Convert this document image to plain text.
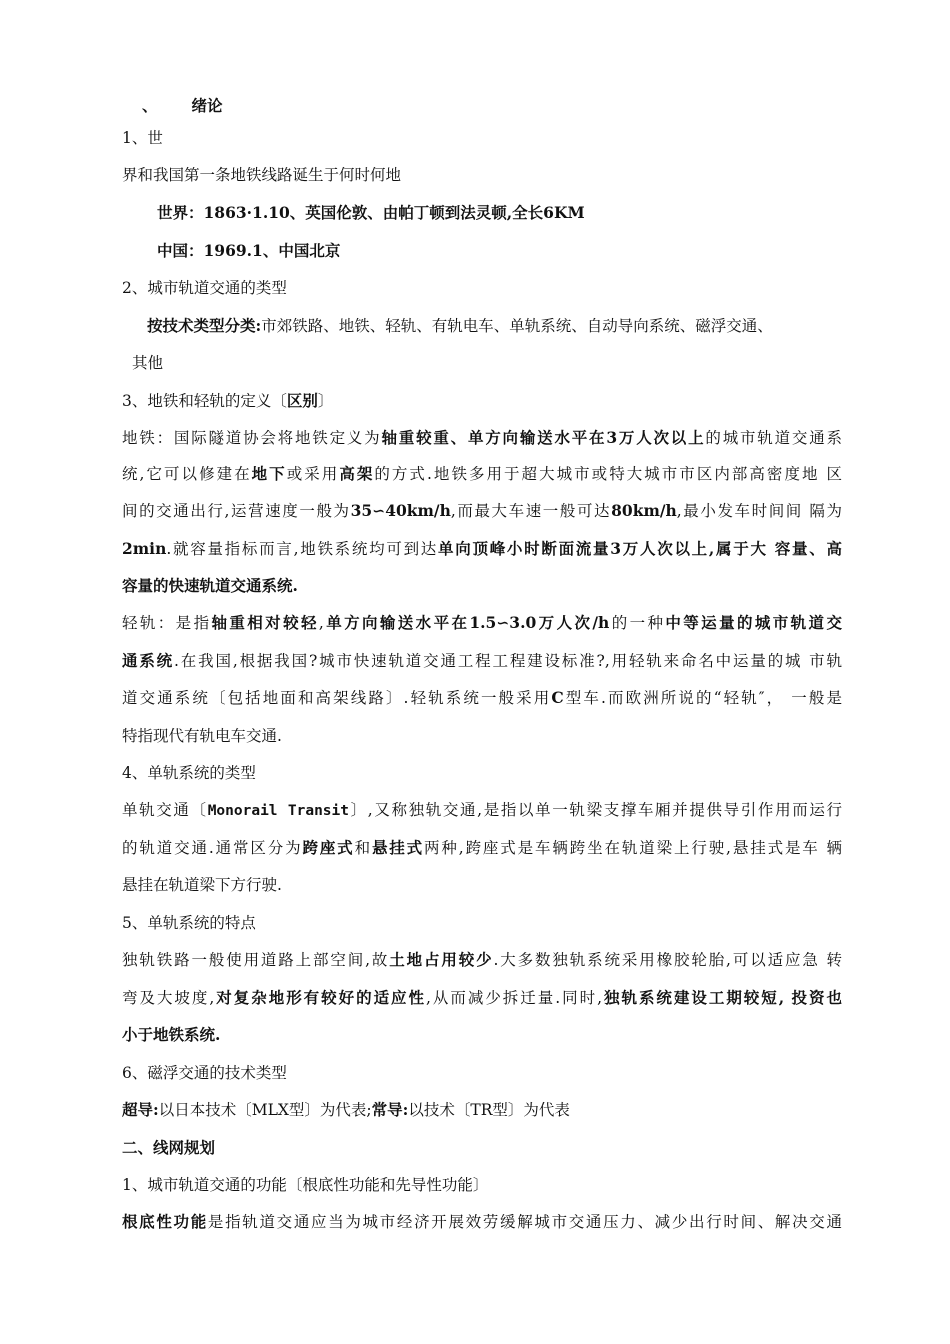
、 绪论
1、世
界和我国第一条地铁线路诞生于何时何地
世界：1863·1.10、英国伦敦、由帕丁顿到法灵顿,全长6KM
中国：1969.1、中国北京
2、城市轨道交通的类型
按技术类型分类:市郊铁路、地铁、轻轨、有轨电车、单轨系统、自动导向系统、磁浮交通、
其他
3、地铁和轻轨的定义〔区别〕
地铁：国际隧道协会将地铁定义为轴重较重、单方向输送水平在3万人次以上的城市轨道交通系
统,它可以修建在地下或采用高架的方式.地铁多用于超大城市或特大城市市区内部高密度地 区
间的交通出行,运营速度一般为35∽40km/h,而最大车速一般可达80km/h,最小发车时间间 隔为
2min.就容量指标而言,地铁系统均可到达单向顶峰小时断面流量3万人次以上,属于大 容量、高
容量的快速轨道交通系统.
轻轨：是指轴重相对较轻,单方向输送水平在1.5∽3.0万人次/h的一种中等运量的城市轨道交
通系统.在我国,根据我国?城市快速轨道交通工程工程建设标准?,用轻轨来命名中运量的城 市轨
道交通系统〔包括地面和高架线路〕.轻轨系统一般采用C型车.而欧洲所说的“轻轨″， 一般是
特指现代有轨电车交通.
4、单轨系统的类型
单轨交通〔Monorail Transit〕,又称独轨交通,是指以单一轨梁支撑车厢并提供导引作用而运行
的轨道交通.通常区分为跨座式和悬挂式两种,跨座式是车辆跨坐在轨道梁上行驶,悬挂式是车 辆
悬挂在轨道梁下方行驶.
5、单轨系统的特点
独轨铁路一般使用道路上部空间,故土地占用较少.大多数独轨系统采用橡胶轮胎,可以适应急 转
弯及大坡度,对复杂地形有较好的适应性,从而减少拆迁量.同时,独轨系统建设工期较短, 投资也
小于地铁系统.
6、磁浮交通的技术类型
超导:以日本技术〔MLX型〕为代表;常导:以技术〔TR型〕为代表
二、线网规划
1、城市轨道交通的功能〔根底性功能和先导性功能〕
根底性功能是指轨道交通应当为城市经济开展效劳缓解城市交通压力、减少出行时间、解决交通
